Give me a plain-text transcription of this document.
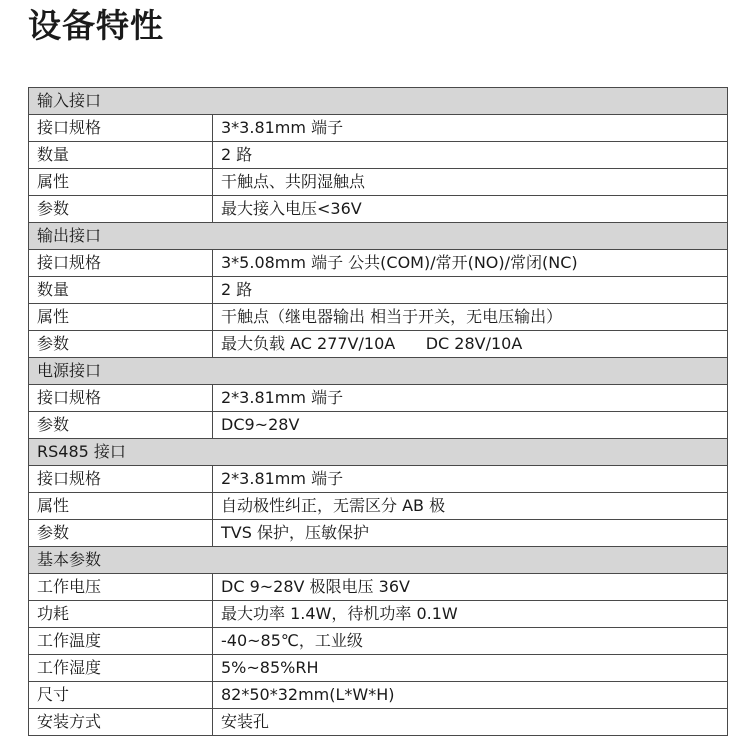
设备特性
输入接口	
接口规格	3*3.81mm 端子
数量	2 路
属性	干触点、共阴湿触点
参数	最大接入电压<36V
输出接口	
接口规格	3*5.08mm 端子 公共(COM)/常开(NO)/常闭(NC)
数量	2 路
属性	干触点（继电器输出 相当于开关，无电压输出）
参数	最大负载 AC 277V/10A      DC 28V/10A
电源接口	
接口规格	2*3.81mm 端子
参数	DC9~28V
RS485 接口	
接口规格	2*3.81mm 端子
属性	自动极性纠正，无需区分 AB 极
参数	TVS 保护，压敏保护
基本参数	
工作电压	DC 9~28V 极限电压 36V
功耗	最大功率 1.4W，待机功率 0.1W
工作温度	-40~85℃，工业级
工作湿度	5%~85%RH
尺寸	82*50*32mm(L*W*H)
安装方式	安装孔
